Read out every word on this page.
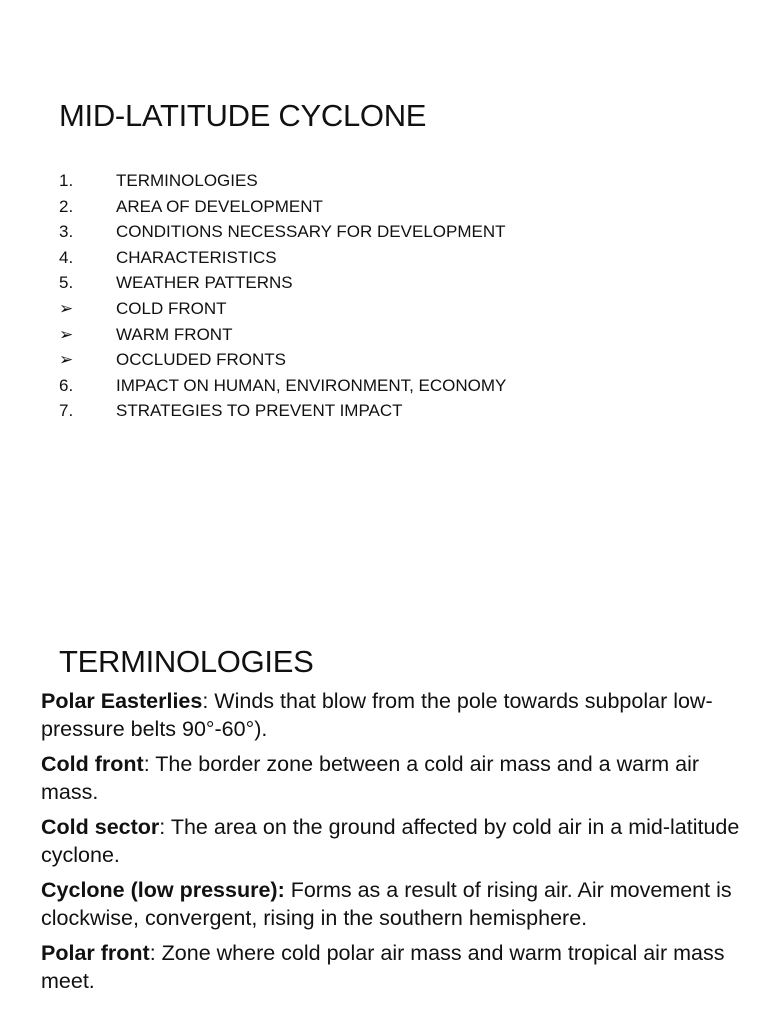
MID-LATITUDE CYCLONE
1.	TERMINOLOGIES
2.	AREA OF DEVELOPMENT
3.	CONDITIONS NECESSARY FOR DEVELOPMENT
4.	CHARACTERISTICS
5.	WEATHER PATTERNS
➢	COLD FRONT
➢	WARM FRONT
➢	OCCLUDED FRONTS
6.	IMPACT ON HUMAN, ENVIRONMENT, ECONOMY
7.	STRATEGIES TO PREVENT IMPACT
TERMINOLOGIES

Polar Easterlies: Winds that blow from the pole towards subpolar low-pressure belts 90°-60°).

Cold front: The border zone between a cold air mass and a warm air mass.

Cold sector: The area on the ground affected by cold air in a mid-latitude cyclone.

Cyclone (low pressure): Forms as a result of rising air. Air movement is clockwise, convergent, rising in the southern hemisphere.

Polar front: Zone where cold polar air mass and warm tropical air mass meet.
